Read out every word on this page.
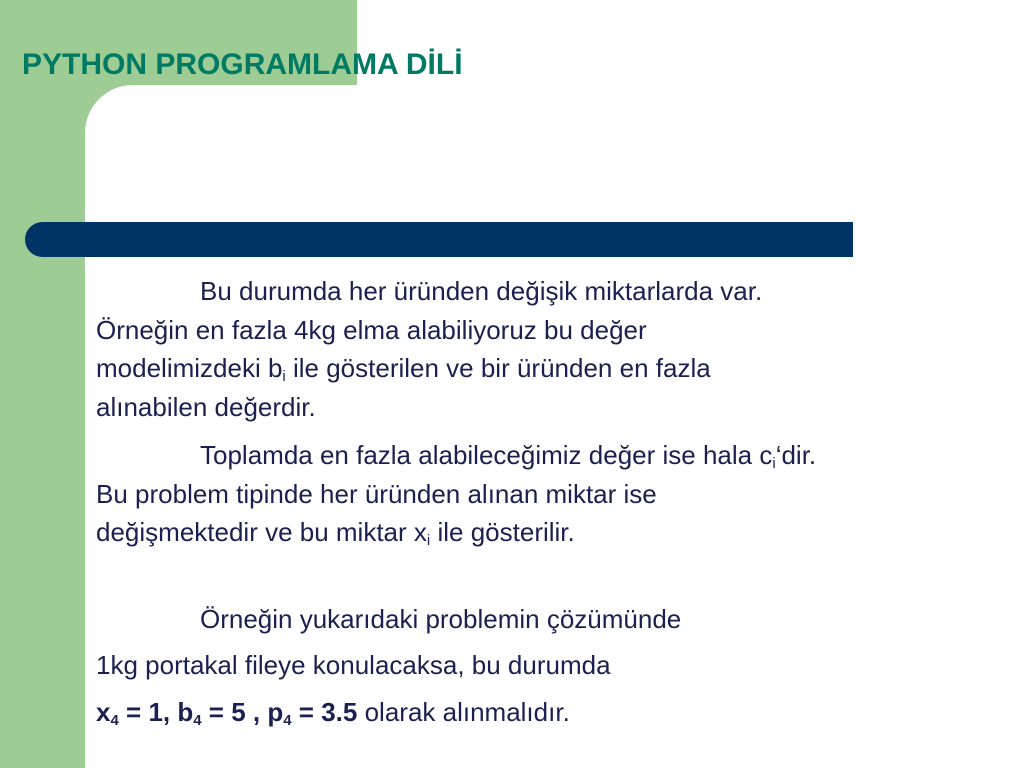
PYTHON PROGRAMLAMA DİLİ

Bu durumda her üründen değişik miktarlarda var.
Örneğin en fazla 4kg elma alabiliyoruz bu değer
modelimizdeki $b_i$ ile gösterilen ve bir üründen en fazla
alınabilen değerdir.

Toplamda en fazla alabileceğimiz değer ise hala $c_i‘dir$.
Bu problem tipinde her üründen alınan miktar ise
değişmektedir ve bu miktar $x_i$ ile gösterilir.

Örneğin yukarıdaki problemin çözümünde

1kg portakal fileye konulacaksa, bu durumda

$x_4 = 1$, $b_4 = 5$ , $p_4 = 3.5$ olarak alınmalıdır.
